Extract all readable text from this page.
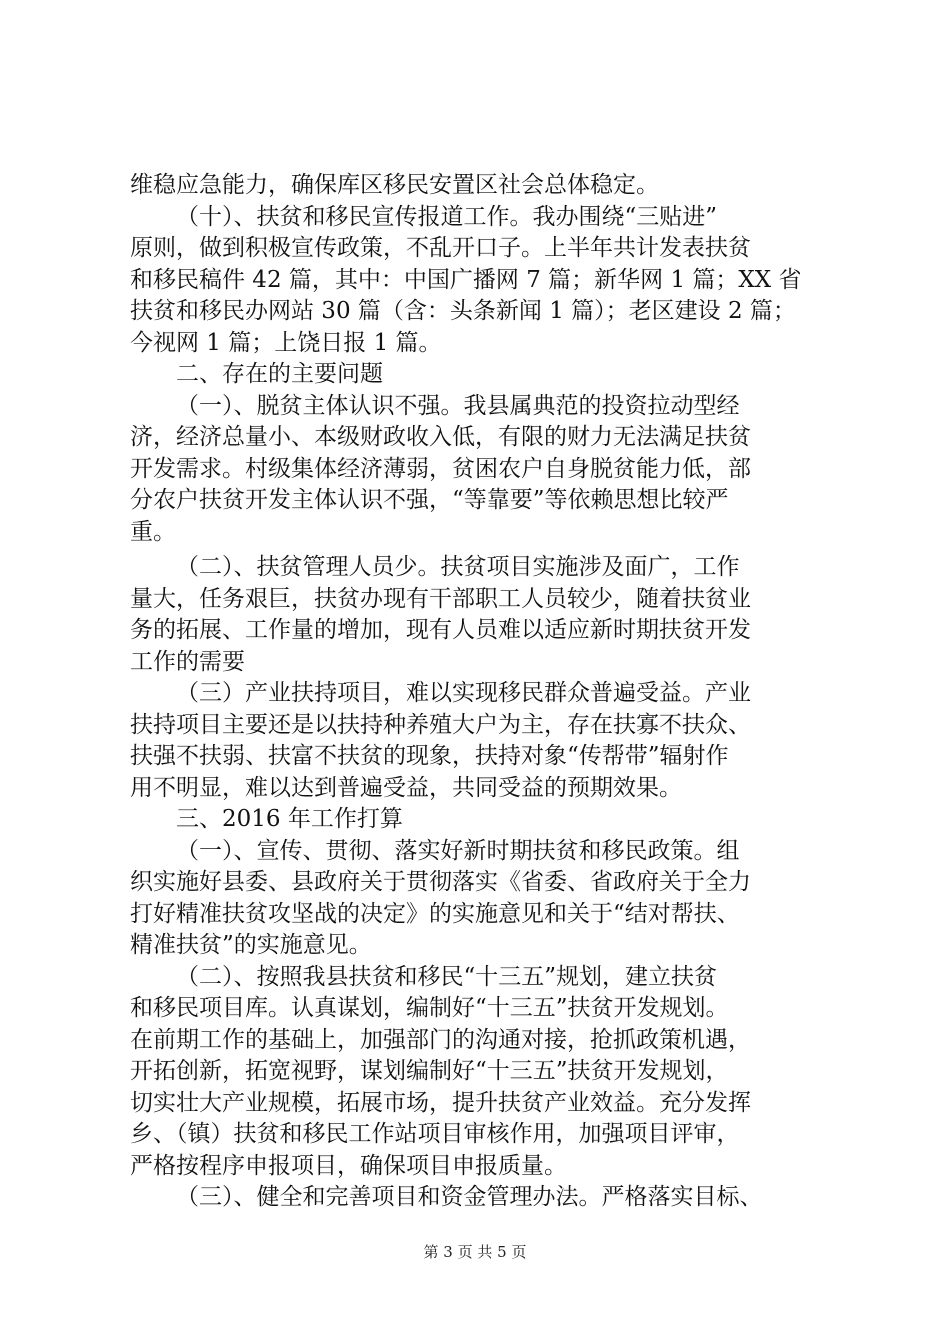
维稳应急能力，确保库区移民安置区社会总体稳定。
（十）、扶贫和移民宣传报道工作。我办围绕“三贴进”
原则，做到积极宣传政策，不乱开口子。上半年共计发表扶贫
和移民稿件 42 篇，其中：中国广播网 7 篇；新华网 1 篇；XX 省
扶贫和移民办网站 30 篇（含：头条新闻 1 篇）；老区建设 2 篇；
今视网 1 篇；上饶日报 1 篇。
二、存在的主要问题
（一）、脱贫主体认识不强。我县属典范的投资拉动型经
济，经济总量小、本级财政收入低，有限的财力无法满足扶贫
开发需求。村级集体经济薄弱，贫困农户自身脱贫能力低，部
分农户扶贫开发主体认识不强，“等靠要”等依赖思想比较严
重。
（二）、扶贫管理人员少。扶贫项目实施涉及面广，工作
量大，任务艰巨，扶贫办现有干部职工人员较少，随着扶贫业
务的拓展、工作量的增加，现有人员难以适应新时期扶贫开发
工作的需要
（三）产业扶持项目，难以实现移民群众普遍受益。产业
扶持项目主要还是以扶持种养殖大户为主，存在扶寡不扶众、
扶强不扶弱、扶富不扶贫的现象，扶持对象“传帮带”辐射作
用不明显，难以达到普遍受益，共同受益的预期效果。
三、2016 年工作打算
（一）、宣传、贯彻、落实好新时期扶贫和移民政策。组
织实施好县委、县政府关于贯彻落实《省委、省政府关于全力
打好精准扶贫攻坚战的决定》的实施意见和关于“结对帮扶、
精准扶贫”的实施意见。
（二）、按照我县扶贫和移民“十三五”规划，建立扶贫
和移民项目库。认真谋划，编制好“十三五”扶贫开发规划。
在前期工作的基础上，加强部门的沟通对接，抢抓政策机遇，
开拓创新，拓宽视野，谋划编制好“十三五”扶贫开发规划，
切实壮大产业规模，拓展市场，提升扶贫产业效益。充分发挥
乡、（镇）扶贫和移民工作站项目审核作用，加强项目评审，
严格按程序申报项目，确保项目申报质量。
（三）、健全和完善项目和资金管理办法。严格落实目标、
第 3 页 共 5 页
